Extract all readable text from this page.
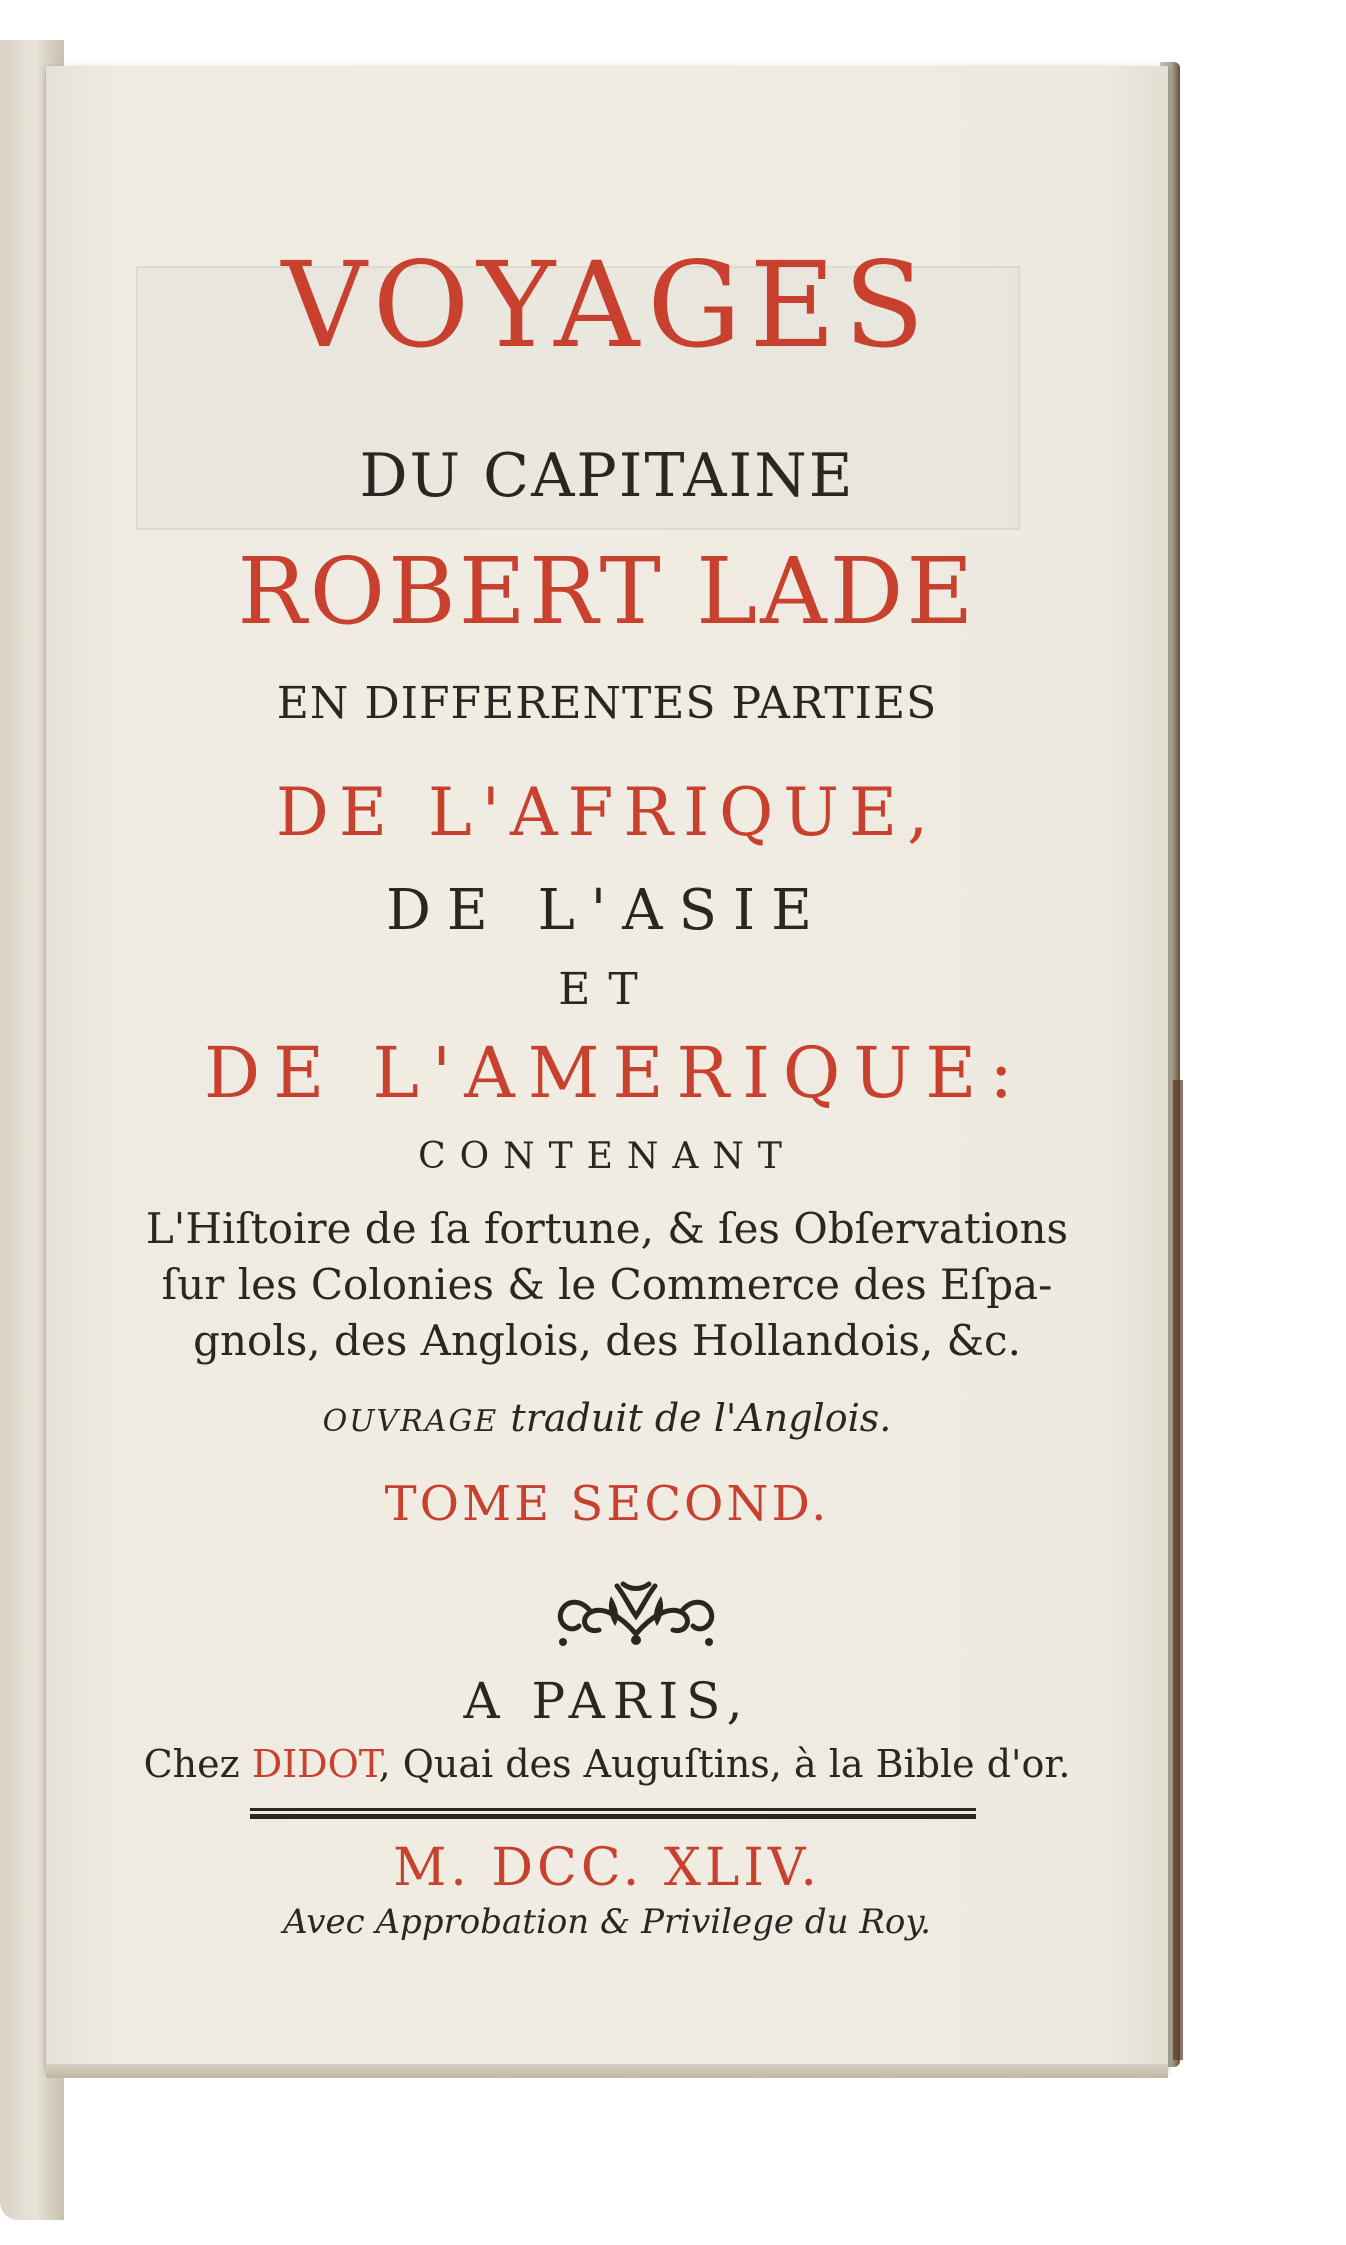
VOYAGES
DU CAPITAINE
ROBERT LADE
EN DIFFERENTES PARTIES
DE L'AFRIQUE,
DE L'ASIE
ET
DE L'AMERIQUE:
CONTENANT
L'Hiſtoire de ſa fortune, & ſes Obſervations
ſur les Colonies & le Commerce des Eſpa-
gnols, des Anglois, des Hollandois, &c.
OUVRAGE traduit de l'Anglois.
TOME SECOND.
A PARIS,
Chez DIDOT, Quai des Auguſtins, à la Bible d'or.
M. DCC. XLIV.
Avec Approbation & Privilege du Roy.
